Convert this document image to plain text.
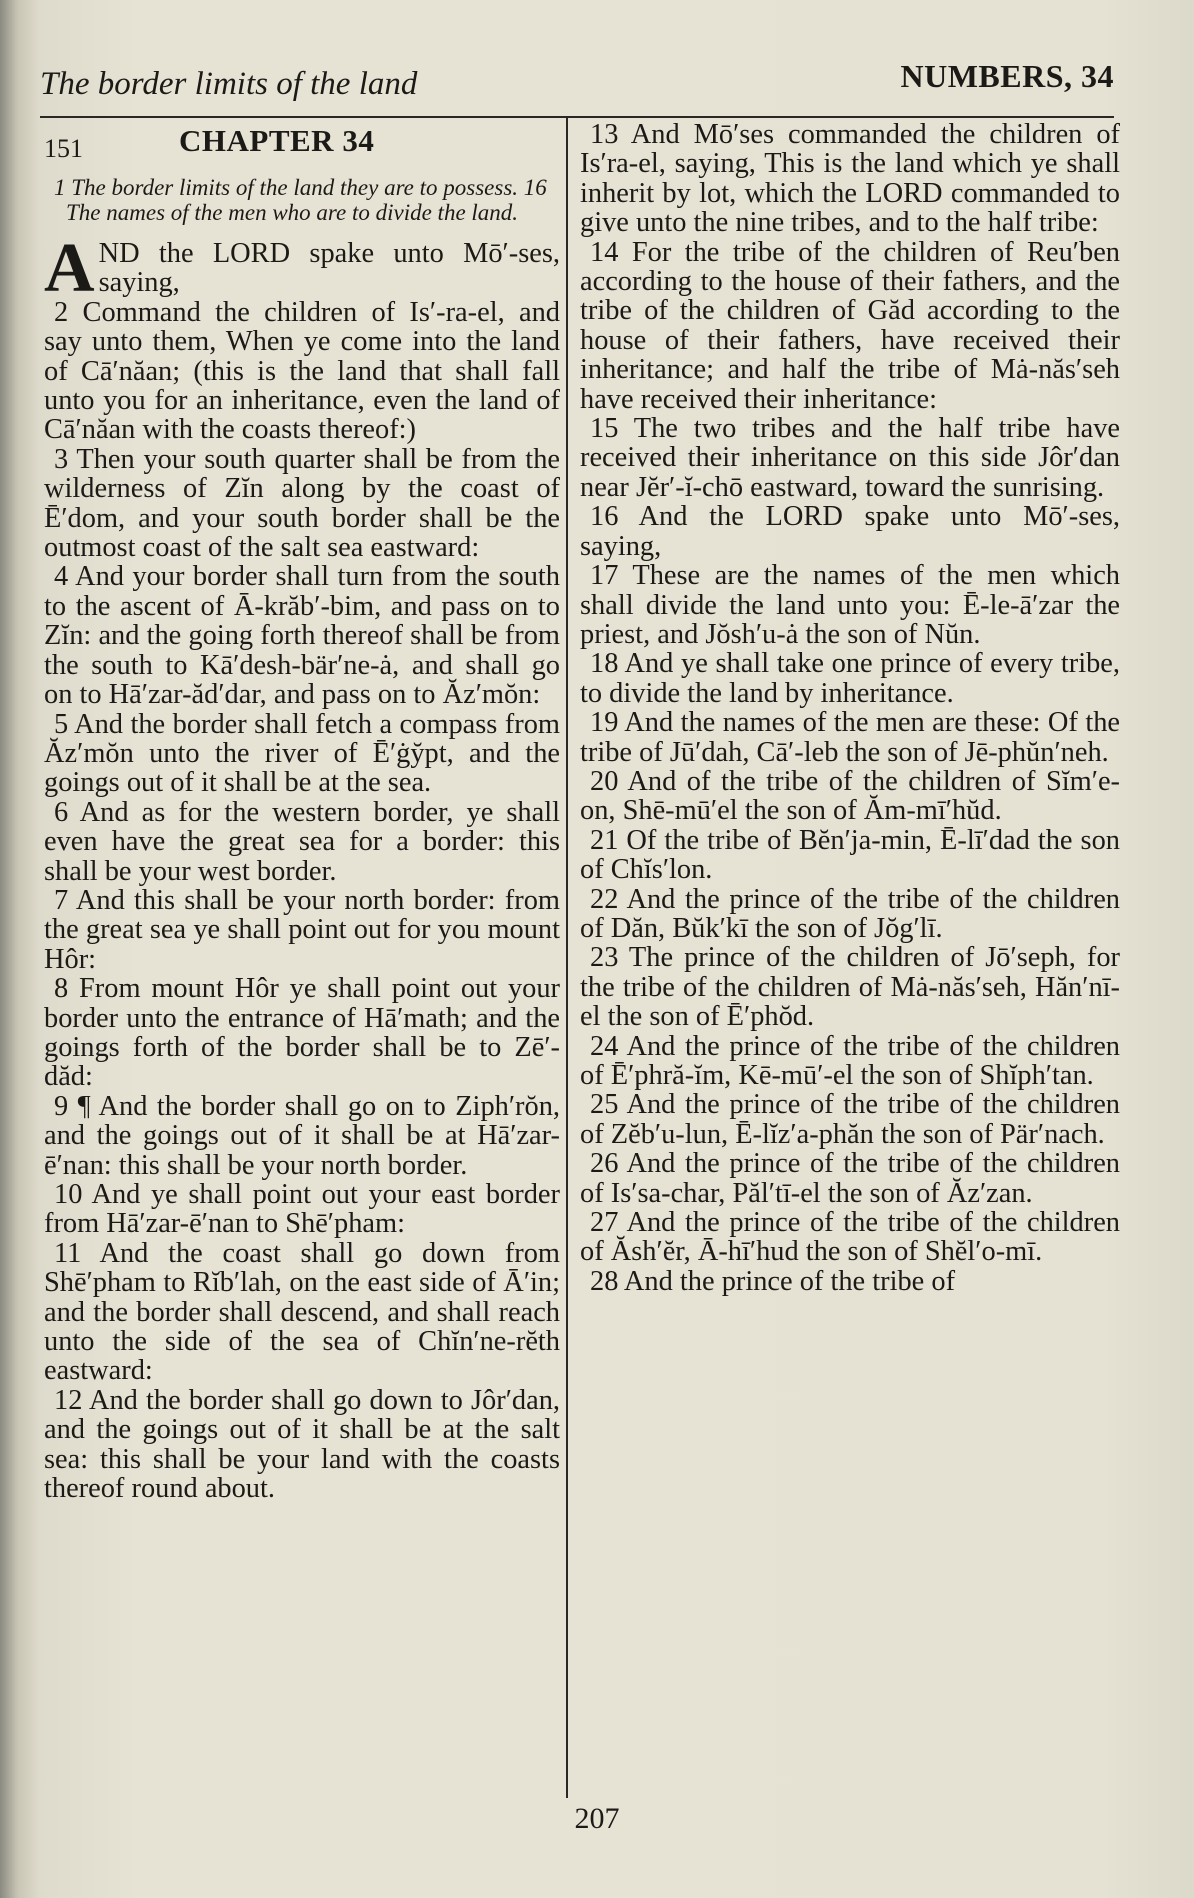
The border limits of the land	NUMBERS, 34
151	CHAPTER 34

1 The border limits of the land they are to possess. 16 The names of the men who are to divide the land.

AND the LORD spake unto Mō′-ses, saying,

2 Command the children of Is′-ra-el, and say unto them, When ye come into the land of Cā′năan; (this is the land that shall fall unto you for an inheritance, even the land of Cā′năan with the coasts thereof:)

3 Then your south quarter shall be from the wilderness of Zĭn along by the coast of Ē′dom, and your south border shall be the outmost coast of the salt sea eastward:

4 And your border shall turn from the south to the ascent of Ā-krăb′-bim, and pass on to Zĭn: and the going forth thereof shall be from the south to Kā′desh-bär′ne-ȧ, and shall go on to Hā′zar-ăd′dar, and pass on to Ăz′mŏn:

5 And the border shall fetch a compass from Ăz′mŏn unto the river of Ē′ġy̆pt, and the goings out of it shall be at the sea.

6 And as for the western border, ye shall even have the great sea for a border: this shall be your west border.

7 And this shall be your north border: from the great sea ye shall point out for you mount Hôr:

8 From mount Hôr ye shall point out your border unto the entrance of Hā′math; and the goings forth of the border shall be to Zē′-dăd:

9 ¶ And the border shall go on to Ziph′rŏn, and the goings out of it shall be at Hā′zar-ē′nan: this shall be your north border.

10 And ye shall point out your east border from Hā′zar-ē′nan to Shē′pham:

11 And the coast shall go down from Shē′pham to Rĭb′lah, on the east side of Ā′in; and the border shall descend, and shall reach unto the side of the sea of Chĭn′ne-rĕth eastward:

12 And the border shall go down to Jôr′dan, and the goings out of it shall be at the salt sea: this shall be your land with the coasts thereof round about.

13 And Mō′ses commanded the children of Is′ra-el, saying, This is the land which ye shall inherit by lot, which the LORD commanded to give unto the nine tribes, and to the half tribe:

14 For the tribe of the children of Reu′ben according to the house of their fathers, and the tribe of the children of Găd according to the house of their fathers, have received their inheritance; and half the tribe of Mȧ-năs′seh have received their inheritance:

15 The two tribes and the half tribe have received their inheritance on this side Jôr′dan near Jĕr′-ĭ-chō eastward, toward the sunrising.

16 And the LORD spake unto Mō′-ses, saying,

17 These are the names of the men which shall divide the land unto you: Ē-le-ā′zar the priest, and Jŏsh′u-ȧ the son of Nŭn.

18 And ye shall take one prince of every tribe, to divide the land by inheritance.

19 And the names of the men are these: Of the tribe of Jū′dah, Cā′-leb the son of Jē-phŭn′neh.

20 And of the tribe of the children of Sĭm′e-on, Shē-mū′el the son of Ăm-mī′hŭd.

21 Of the tribe of Bĕn′ja-min, Ē-lī′dad the son of Chĭs′lon.

22 And the prince of the tribe of the children of Dăn, Bŭk′kī the son of Jŏg′lī.

23 The prince of the children of Jō′seph, for the tribe of the children of Mȧ-năs′seh, Hăn′nī-el the son of Ē′phŏd.

24 And the prince of the tribe of the children of Ē′phră-ĭm, Kē-mū′-el the son of Shĭph′tan.

25 And the prince of the tribe of the children of Zĕb′u-lun, Ē-lĭz′a-phăn the son of Pär′nach.

26 And the prince of the tribe of the children of Is′sa-char, Păl′tī-el the son of Ăz′zan.

27 And the prince of the tribe of the children of Ăsh′ĕr, Ā-hī′hud the son of Shĕl′o-mī.

28 And the prince of the tribe of

207
